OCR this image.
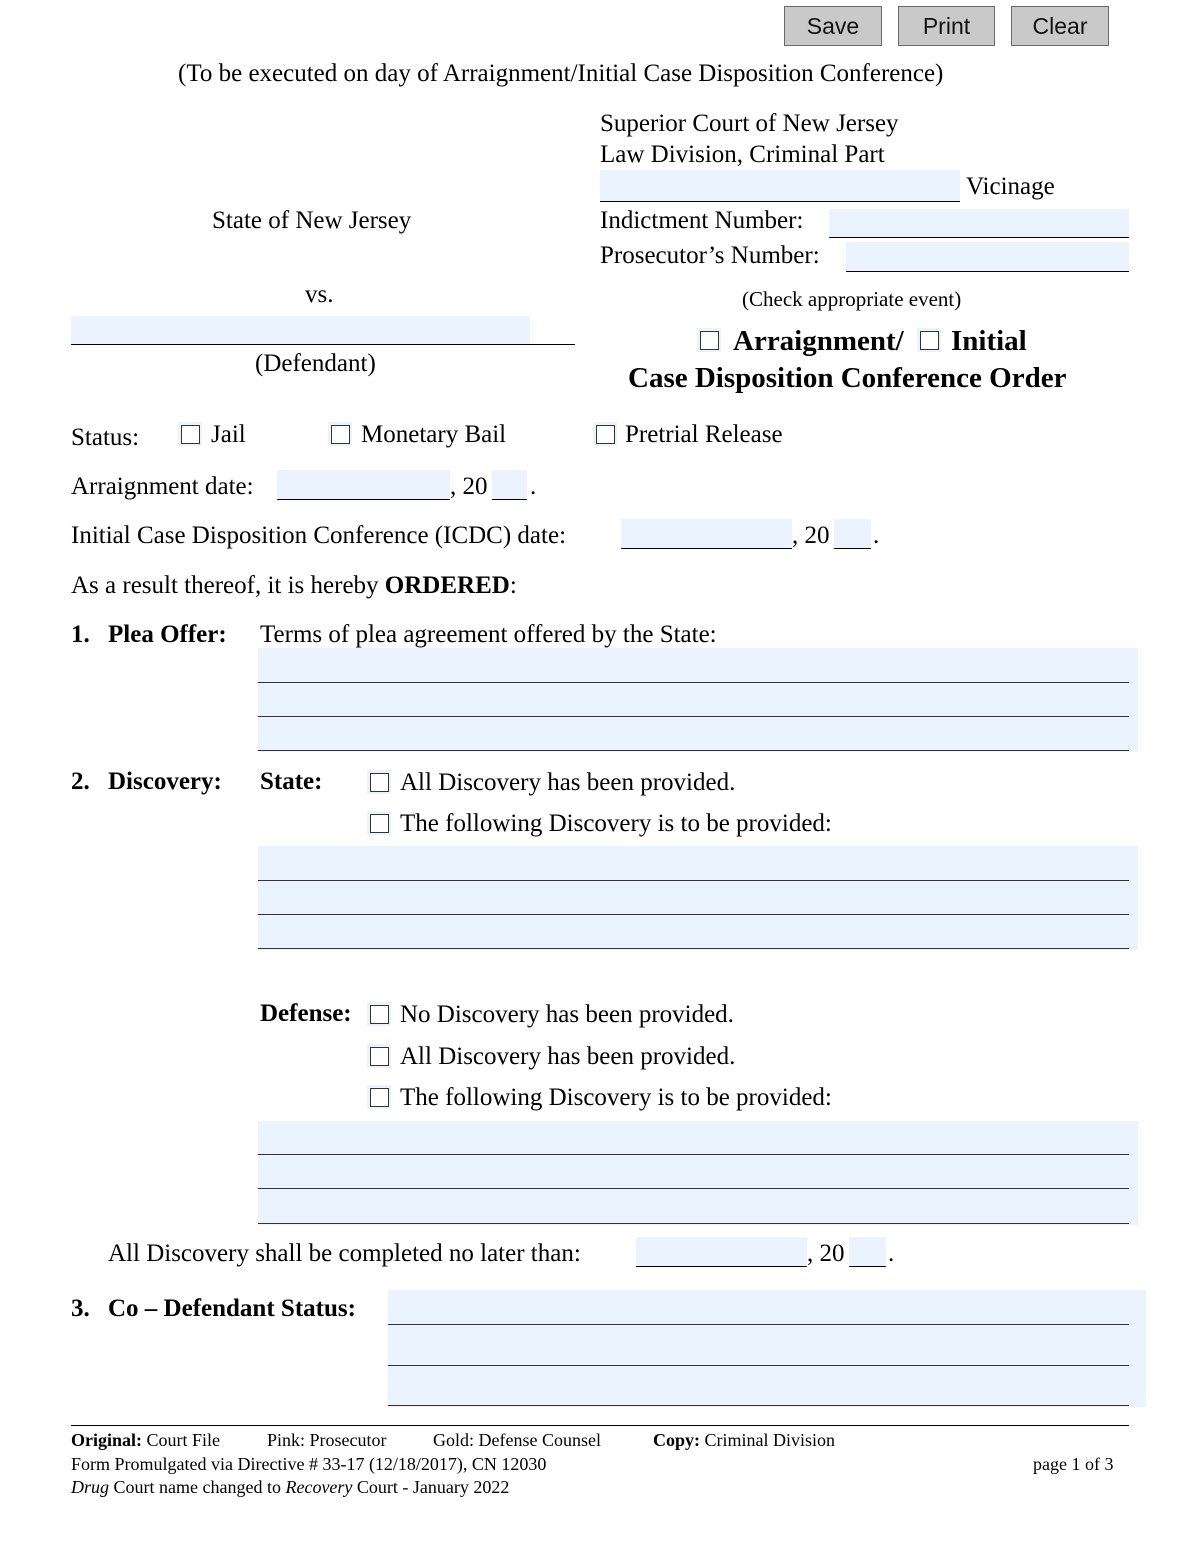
Save	Print	Clear
(To be executed on day of Arraignment/Initial Case Disposition Conference)
Superior Court of New Jersey
Law Division, Criminal Part
Vicinage
Indictment Number:
Prosecutor’s Number:
State of New Jersey
vs.
(Defendant)
(Check appropriate event)
Arraignment/ Initial
Case Disposition Conference Order
Status:	Jail	Monetary Bail	Pretrial Release
Arraignment date:	, 20 .
Initial Case Disposition Conference (ICDC) date:	, 20 .
As a result thereof, it is hereby ORDERED:
1. Plea Offer: Terms of plea agreement offered by the State:
2. Discovery: State:	All Discovery has been provided.
The following Discovery is to be provided:
Defense: No Discovery has been provided.
All Discovery has been provided.
The following Discovery is to be provided:
All Discovery shall be completed no later than:	, 20 .
3. Co – Defendant Status:
Original: Court File	Pink: Prosecutor	Gold: Defense Counsel	Copy: Criminal Division
Form Promulgated via Directive # 33-17 (12/18/2017), CN 12030	page 1 of 3
Drug Court name changed to Recovery Court - January 2022
